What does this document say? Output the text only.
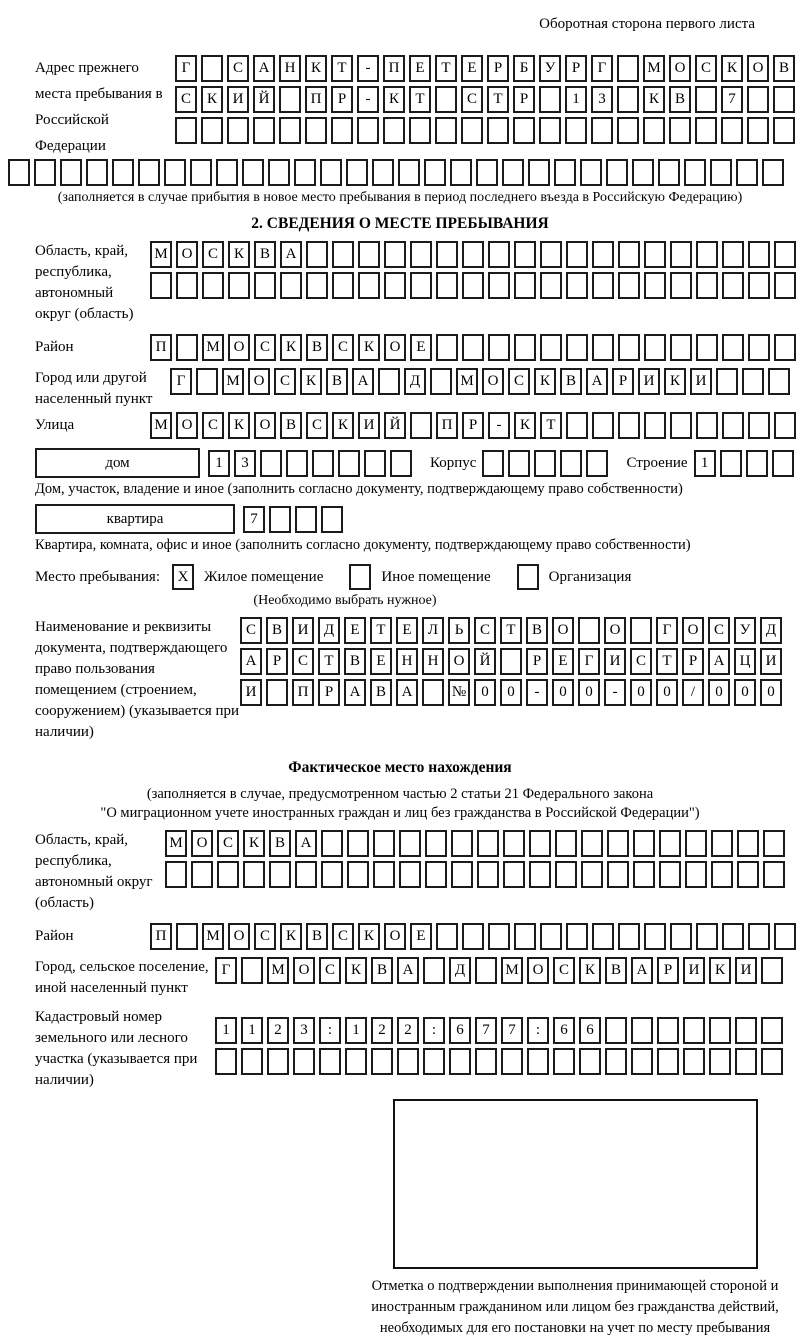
Оборотная сторона первого листа
Адрес прежнего места пребывания в Российской Федерации
Г	С А Н К Т - П Е Т Е Р Б У Р Г	М О С К О В
С К И Й	П Р - К Т	С Т Р	1 3	К В	7
(заполняется в случае прибытия в новое место пребывания в период последнего въезда в Российскую Федерацию)
2. СВЕДЕНИЯ О МЕСТЕ ПРЕБЫВАНИЯ
Область, край, республика, автономный округ (область)
М О С К В А
Район	П	М О С К В С К О Е
Город или другой населенный пункт
Г	М О С К В А	Д	М О С К В А Р И К И
Улица	М О С К О В С К И Й	П Р - К Т
дом	1 3	Корпус	Строение 1
Дом, участок, владение и иное (заполнить согласно документу, подтверждающему право собственности)
квартира	7
Квартира, комната, офис и иное (заполнить согласно документу, подтверждающему право собственности)
Место пребывания:	X	Жилое помещение	Иное помещение	Организация
(Необходимо выбрать нужное)
Наименование и реквизиты документа, подтверждающего право пользования помещением (строением, сооружением) (указывается при наличии)
С В И Д Е Т Е Л Ь С Т В О	О	Г О С У Д
А Р С Т В Е Н Н О Й	Р Е Г И С Т Р А Ц И
И	П Р А В А	№ 0 0 - 0 0 - 0 0 / 0 0 0
Фактическое место нахождения
(заполняется в случае, предусмотренном частью 2 статьи 21 Федерального закона
"О миграционном учете иностранных граждан и лиц без гражданства в Российской Федерации")
Область, край, республика, автономный округ (область)
М О С К В А
Район	П	М О С К В С К О Е
Город, сельское поселение, иной населенный пункт
Г	М О С К В А	Д	М О С К В А Р И К И
Кадастровый номер земельного или лесного участка (указывается при наличии)
1 1 2 3 : 1 2 2 : 6 7 7 : 6 6
Отметка о подтверждении выполнения принимающей стороной и иностранным гражданином или лицом без гражданства действий, необходимых для его постановки на учет по месту пребывания
